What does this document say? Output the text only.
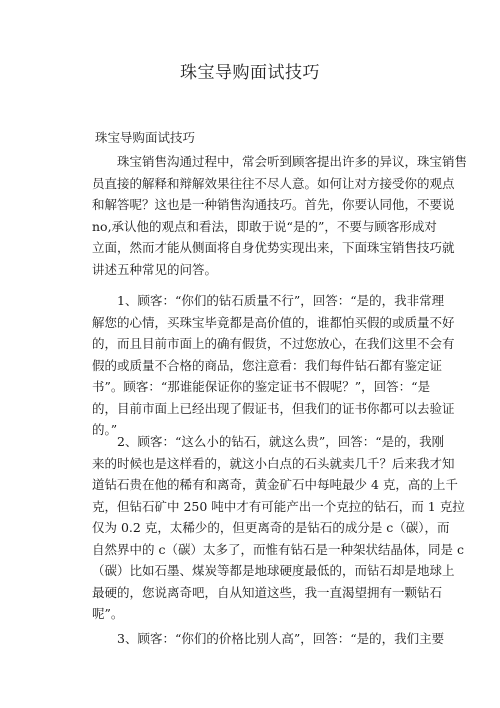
珠宝导购面试技巧
珠宝导购面试技巧

　　珠宝销售沟通过程中，常会听到顾客提出许多的异议，珠宝销售
员直接的解释和辩解效果往往不尽人意。如何让对方接受你的观点
和解答呢？这也是一种销售沟通技巧。首先，你要认同他，不要说
no,承认他的观点和看法，即敢于说“是的”，不要与顾客形成对
立面，然而才能从侧面将自身优势实现出来，下面珠宝销售技巧就
讲述五种常见的问答。

　　1、顾客：“你们的钻石质量不行”，回答：“是的，我非常理
解您的心情，买珠宝毕竟都是高价值的，谁都怕买假的或质量不好
的，而且目前市面上的确有假货，不过您放心，在我们这里不会有
假的或质量不合格的商品，您注意看：我们每件钻石都有鉴定证
书”。顾客：“那谁能保证你的鉴定证书不假呢？”，回答：“是
的，目前市面上已经出现了假证书，但我们的证书你都可以去验证
的。”

　　2、顾客：“这么小的钻石，就这么贵”，回答：“是的，我刚
来的时候也是这样看的，就这小白点的石头就卖几千？后来我才知
道钻石贵在他的稀有和离奇，黄金矿石中每吨最少 4 克，高的上千
克，但钻石矿中 250 吨中才有可能产出一个克拉的钻石，而 1 克拉
仅为 0.2 克，太稀少的，但更离奇的是钻石的成分是 c（碳），而
自然界中的 c（碳）太多了，而惟有钻石是一种架状结晶体，同是 c
（碳）比如石墨、煤炭等都是地球硬度最低的，而钻石却是地球上
最硬的，您说离奇吧，自从知道这些，我一直渴望拥有一颗钻石
呢”。

　　3、顾客：“你们的价格比别人高”，回答：“是的，我们主要
